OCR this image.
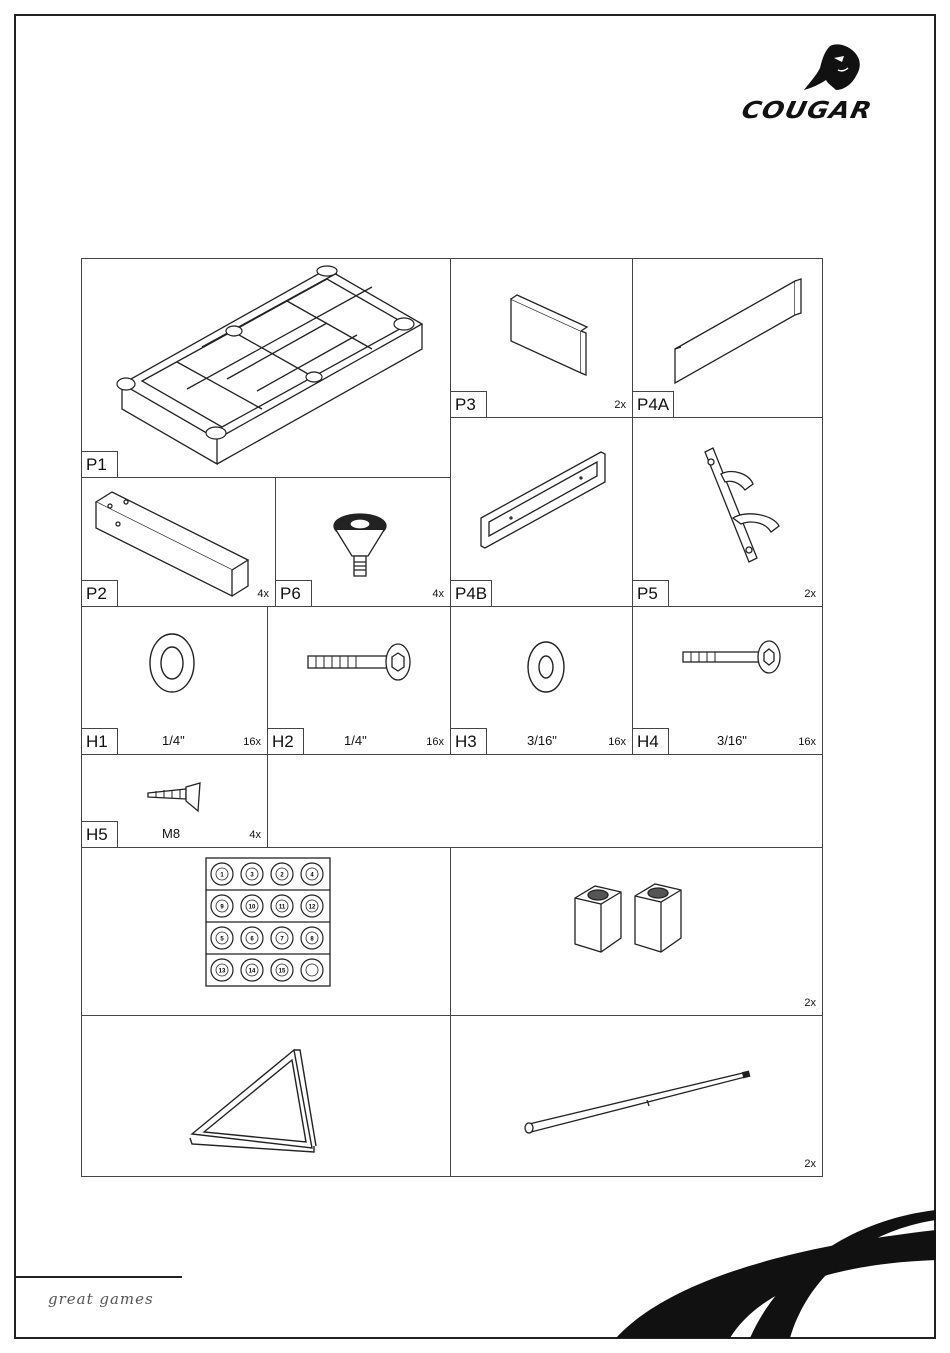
COUGAR
P1
P3	2x P4A
P2	4x P6	4x P4B	P5	2x
H1	1/4"	16x H2	1/4"	16x H3	3/16"	16x H4	3/16"	16x
H5	M8	4x
1	3	2	4
9	10	11	12
5	6	7	8
13	14	15
2x
2x
great games
